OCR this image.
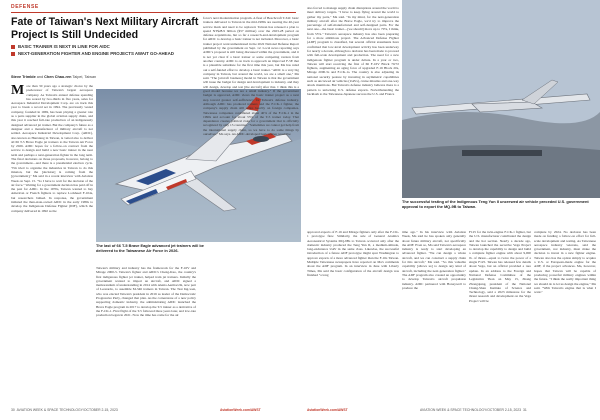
DEFENSE
Fate of Taiwan's Next Military Aircraft Project Is Still Undecided
BASIC TRAINER IS NEXT IN LINE FOR AIDC
NEXT-GENERATION FIGHTER AND ENGINE PROJECTS AWAIT GO-AHEAD
Steve Trimble and Chen Chao-ren Taipei, Taiwan
More than 30 years ago a strategic choice by the predecessor of Taiwan's largest aerospace company. As Taiwan's annual defense spending has soared by two-thirds in five years, sales for Aerospace Industrial Development Corp. are on track this year to break a record set in 1994. The previously vested company, founded in 1969, has been playing a greater role as a parts supplier in the global aviation supply chain, and this year it reached full-rate production of an indigenously designed advanced jet trainer. But the company's future as a designer and a manufacturer of military aircraft is not settled. Aerospace Industrial Development Corp. (AIDC), also known as Hanxiang in Taiwan, is vetted also to deliver all 66 T-5 Brave Eagle jet trainers to the Taiwan Air Force by 2026. AIDC hopes for a follow-on contract from the service to design and build a new basic trainer in the near term and perhaps a next-generation fighter in the long term. The final decisions on those proposals, however, belong to the government—and there is a presidential election cycle. "I'm tried to organize the industries in Taiwan to do this mission, but the [decision] is coming from the [government]," Ma said in a recent interview with Aviation Week on Sept. 15. "So I have to wait for the decision of the air force." Waiting for a government decision has paid off in the past for AIDC. In the 1970s, Taiwan wanted to buy American or French fighters to replace Lockheed F-104s, but researchers balked. In response, the government initiated the then-state-owned AIDC in the early 1980s to develop the Indigenous Defense Fighter (IDF), which the company delivered in 1992 as the
The last of 66 T-5 Brave Eagle advanced jet trainers will be delivered to the Taiwanese Air Force in 2026.
Taiwan's military and industry has the framework for the F-16V and Mirage 2000-5. Taiwan's fighter and AIDC's Cheng-Kuo, the country's first indigenous fighter jet trainer, helped train jet trainers. Initially the government wanted to import an aircraft, and AIDC signed a memorandum of understanding in 2014 with Alenia Aermacchi, now part of Leonardo, to assemble M-346 trainers in Taiwan. The Tsai Ing-wen, who was elected Taiwan's president in 2016 as leader of the Democratic Progressive Party, changed that plan. As the cornerstone of a new policy supporting domestic industry, the administrating AIDC launched the Brave Eagle program in 2017 to develop the T-5 trainer as a derivative of the F-CK-1. First flight of the T-5 followed three years later, and low-rate production began in 2021. Now the time has come for the air
force's next modernization program. A fleet of Beechcraft T-34C basic trainers delivered to Taiwan in the mid-1980s are nearing the 40-year service mark and need to be replaced. Taiwan has released a plan to spend NT$28.9 billion ($57 million) over the 2023-28 period on defense acquisitions, but so far a research-and-development program for AIDC to develop a basic trainer is not included. Moreover, a basic trainer project went unmentioned in the 2022 National Defense Report published by the government on Sept. 12. Local news reporting says AIDC's proposal is still being discussed within the government, and it is not yet clear if a basic trainer or some competing version from another country. AIDC is on track to approach an improved F-5E that is a plausible substitute for the first time this year, but Ma has ruled out a self-funded effort to develop a basic trainer. "AIDC is a very big company in Taiwan, but around the world, we are a small one," Ma said. "The [aircraft business] model in Taiwan is that the government will issue the budget for design and development to industry, and they will design, develop and test [the aircraft] after that. I think this is a good model because we are a small industry." If the government budget is approved, AIDC views the basic trainer project as a next step toward greater self-sufficiency for Taiwan's defense industry. Although AIDC has produced trainers and the F-CK-1 fighter, the company's supply chain still relies heavily on foreign companies. Taiwanese companies contributed about 40% of the F-CK-1 in the 1990s and account for about 55% of the T-5 trainer today. That dependence creates political risks for a government that is officially recognized by only 13 countries. "Sometimes we cannot get help from the international supply chain, so we have to do some things by ourselves," Ma says. An AIDC-developed basic trainer would be
also forced to manage supply chain disruptions around the world to meet delivery targets. "I have to keep flying around the world to gather my parts," Ma said. "In my mind, for the next-generation military aircraft after the Brave Eagle, we'd try to improve the percentage of self-manufactured and self-designed parts. For the next one—the basic trainer—[we should] move up to 70%, I think, from 55%." Taiwan's aerospace industry has also been preparing for a more ambitious project. The Advanced Defense Fighter (ADF) program is classified, but several official statements have confirmed that low-level development activity has been underway for nearly a decade, although no decision has been made to proceed with full-scale development and production. The need for a new indigenous fighter program is under debate. In a year or two, Taiwan will start receiving the first of 66 F-16V Block 70/72 fighters, augmenting an aging force of upgraded F-16 Block 20s, Mirage 2000-5s and F-CK-1s. The country is also adjusting its national security posture by investing in asymmetric capabilities such as uncrewed air vehicles (UAVs), cruise missiles and one-way attack munitions. But Taiwan's defense industry believes there is a pattern to unlocking U.S. defense exports. Notwithstanding the backlash to the Taiwanese-Japanese success the U.S. and France
The successful testing of the Indigenous Teng Yun II uncrewed air vehicle preceded U.S. government approval to export the MQ-9B to Taiwan.
approved exports of F-16 and Mirage fighters only after the F-CK-1 prototype flew. Similarly, the sale of General Atomics Aeronautical Systems MQ-9Bs to Taiwan occurred only after the domestic industry produced the Teng Yun II, a medium-altitude, long-endurance UAV in the same class. Likewise, the successful introduction of a future ADF prototype might spur Washington to approve exports of a more advanced fighter than the F-16s Taiwan. Multiple Taiwanese newspapers have reported on Ma's comments about the ADF program. In an interview in June with Liberty Times, Ma said the basic configuration of the aircraft design was finished "a long
time ago." In his interview with Aviation Week, Ma said he has spoken only generally about future military aircraft, not specifically the ADF. Even so, Ma said Taiwan's aerospace industry is ready to start developing an advanced fighter. "We can design a whole aircraft, and we can construct a supply chain for this aircraft," Ma said. "So this valuable capability [allows us] to design any kind of aircraft, including the next-generation fighter." The ADF program also created an opportunity to develop Taiwan's aircraft propulsion industry. AIDC partnered with Honeywell to produce the
F125 for the twin-engine F-CK-1 fighter, but the U.S. manufacturer contributed the design and the hot section. Nearly a decade ago, Taiwan launched the secretive Vega Project to develop the capability to design and build a complete fighter engine with about 9,000 lb. of thrust—equal to twice the power of a single F125. Taiwan has released few details about Vega, but an official provided a rare update. In an address to the Foreign and National Defense Committee of the Legislative Yuan on May 15, Zhang Zhongqiang, president of the National Chung-Shan Institute of Science and Technology, said a 2023 milestone for the thrust research and development on the Vega Project will be
complete by 2024. No decision has been made on funding a follow-on effort for full-scale development and testing. As Taiwanese aerospace industry veterans, said the government, not industry, must make the decision to invest in a new fighter engine. Taiwan also has the option simply to acquire a U.S. or European-made engine for the ADF, if the project advances. Ma, however, hopes that Taiwan will be capable of producing powerful military engines within the future. "I think the really important thing we should do is let us design the engine," Ma said. "With Taiwan's engine that is what I want."
30 AVIATION WEEK & SPACE TECHNOLOGY/OCTOBER 2-15, 2023	AviationWeek.com/AWST	AviationWeek.com/AWST	AVIATION WEEK & SPACE TECHNOLOGY/OCTOBER 2-15, 2023 31
